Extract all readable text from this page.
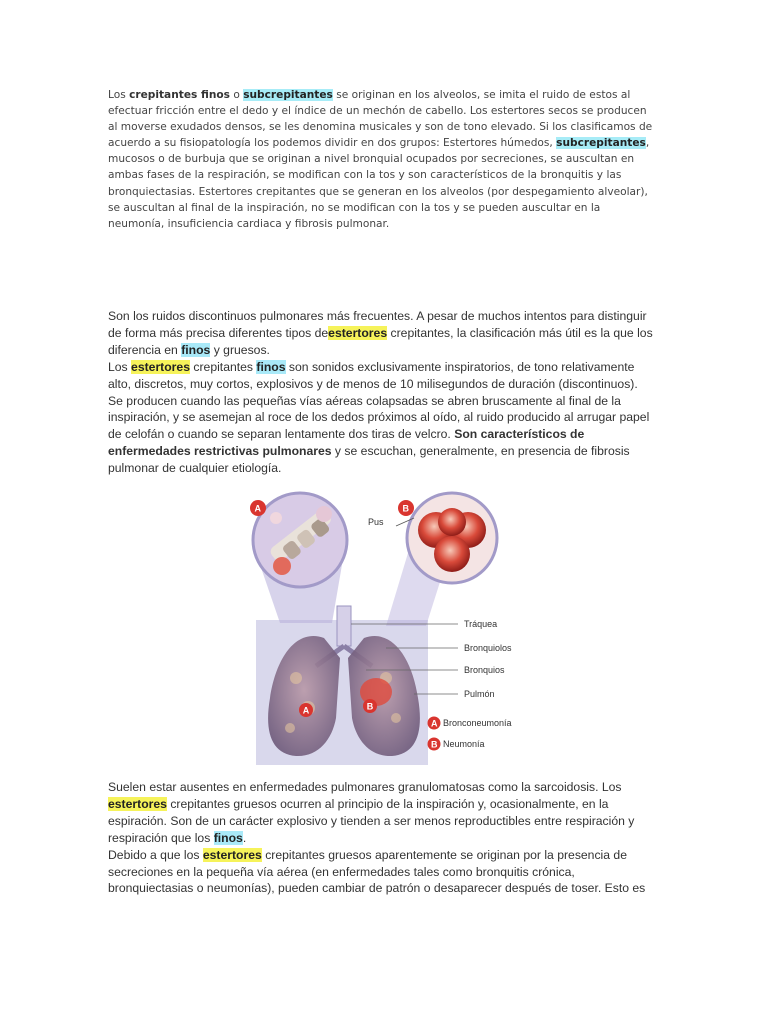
Los crepitantes finos o subcrepitantes se originan en los alveolos, se imita el ruido de estos al efectuar fricción entre el dedo y el índice de un mechón de cabello. Los estertores secos se producen al moverse exudados densos, se les denomina musicales y son de tono elevado. Si los clasificamos de acuerdo a su fisiopatología los podemos dividir en dos grupos: Estertores húmedos, subcrepitantes, mucosos o de burbuja que se originan a nivel bronquial ocupados por secreciones, se auscultan en ambas fases de la respiración, se modifican con la tos y son característicos de la bronquitis y las bronquiectasias. Estertores crepitantes que se generan en los alveolos (por despegamiento alveolar), se auscultan al final de la inspiración, no se modifican con la tos y se pueden auscultar en la neumonía, insuficiencia cardiaca y fibrosis pulmonar.

Son los ruidos discontinuos pulmonares más frecuentes. A pesar de muchos intentos para distinguir de forma más precisa diferentes tipos deestertores crepitantes, la clasificación más útil es la que los diferencia en finos y gruesos.
Los estertores crepitantes finos son sonidos exclusivamente inspiratorios, de tono relativamente alto, discretos, muy cortos, explosivos y de menos de 10 milisegundos de duración (discontinuos). Se producen cuando las pequeñas vías aéreas colapsadas se abren bruscamente al final de la inspiración, y se asemejan al roce de los dedos próximos al oído, al ruido producido al arrugar papel de celofán o cuando se separan lentamente dos tiras de velcro. Son característicos de enfermedades restrictivas pulmonares y se escuchan, generalmente, en presencia de fibrosis pulmonar de cualquier etiología.

Pus
A	B
A	B
Tráquea
Bronquiolos
Bronquios
Pulmón
A Bronconeumonía
B Neumonía

Suelen estar ausentes en enfermedades pulmonares granulomatosas como la sarcoidosis. Los estertores crepitantes gruesos ocurren al principio de la inspiración y, ocasionalmente, en la espiración. Son de un carácter explosivo y tienden a ser menos reproductibles entre respiración y respiración que los finos.
Debido a que los estertores crepitantes gruesos aparentemente se originan por la presencia de secreciones en la pequeña vía aérea (en enfermedades tales como bronquitis crónica, bronquiectasias o neumonías), pueden cambiar de patrón o desaparecer después de toser. Esto es
